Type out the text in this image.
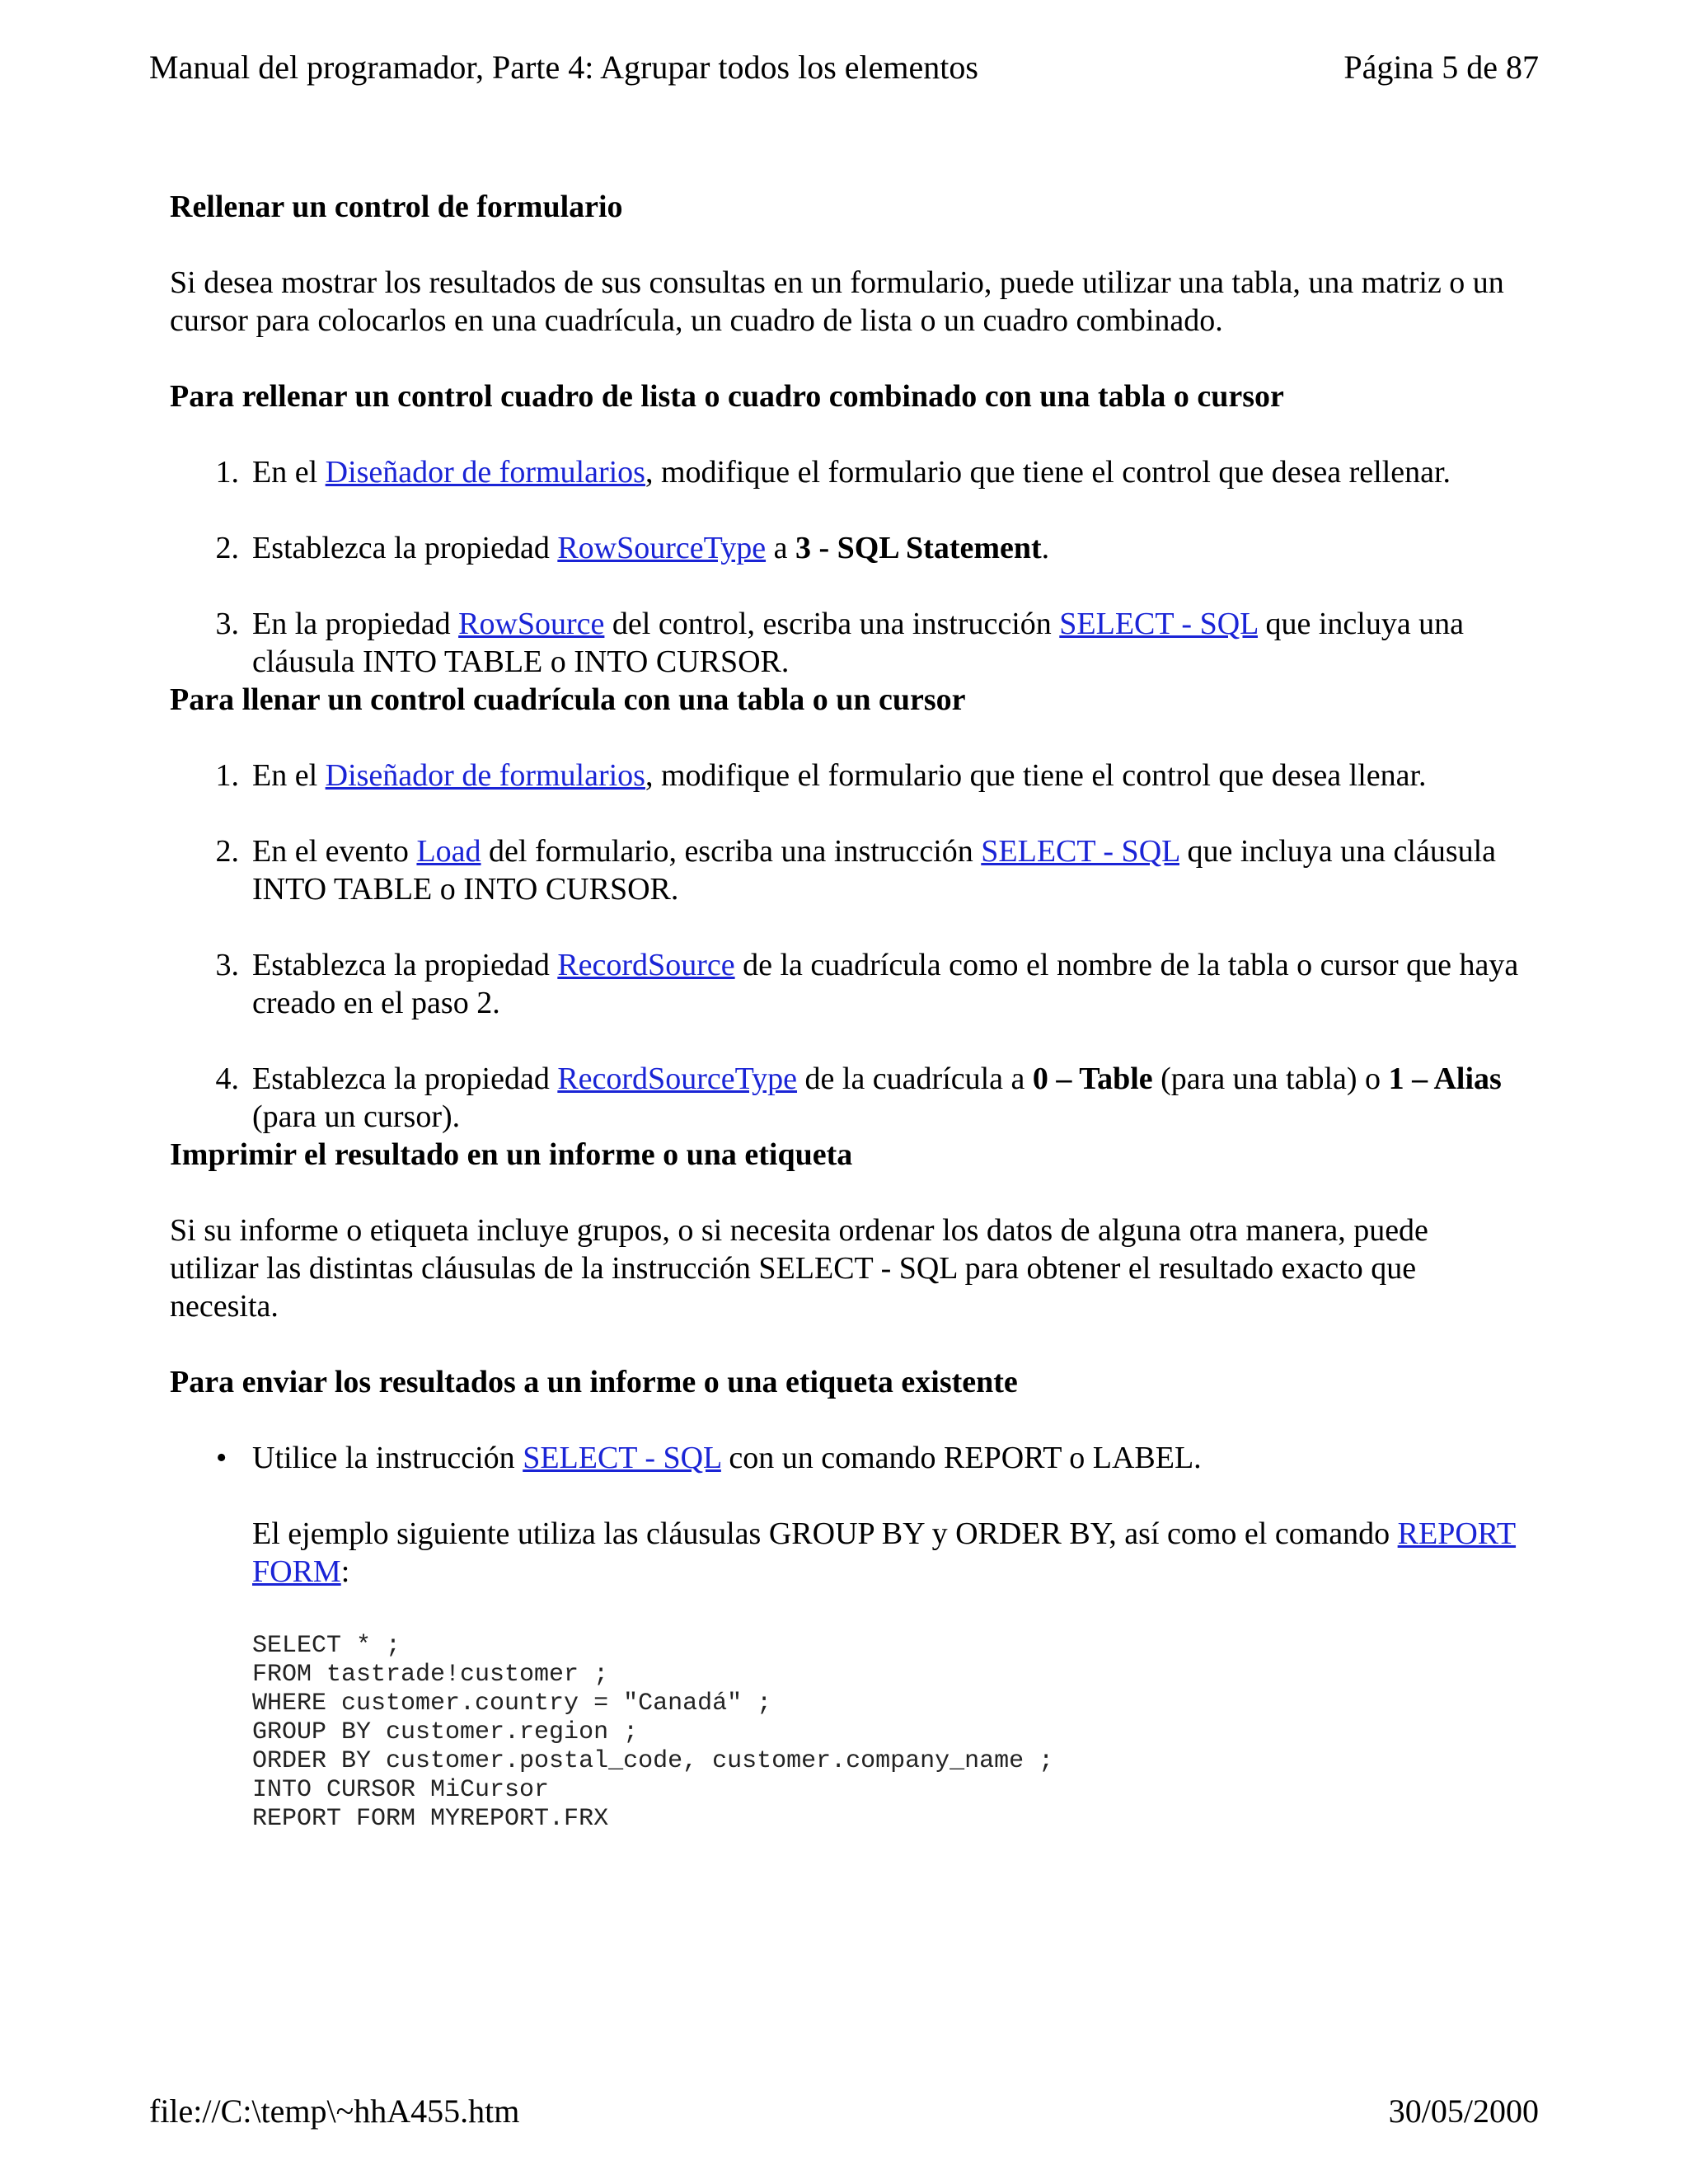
Manual del programador, Parte 4: Agrupar todos los elementos	Página 5 de 87
Rellenar un control de formulario
Si desea mostrar los resultados de sus consultas en un formulario, puede utilizar una tabla, una matriz o un cursor para colocarlos en una cuadrícula, un cuadro de lista o un cuadro combinado.
Para rellenar un control cuadro de lista o cuadro combinado con una tabla o cursor
1. En el Diseñador de formularios, modifique el formulario que tiene el control que desea rellenar.
2. Establezca la propiedad RowSourceType a 3 - SQL Statement.
3. En la propiedad RowSource del control, escriba una instrucción SELECT - SQL que incluya una cláusula INTO TABLE o INTO CURSOR.
Para llenar un control cuadrícula con una tabla o un cursor
1. En el Diseñador de formularios, modifique el formulario que tiene el control que desea llenar.
2. En el evento Load del formulario, escriba una instrucción SELECT - SQL que incluya una cláusula INTO TABLE o INTO CURSOR.
3. Establezca la propiedad RecordSource de la cuadrícula como el nombre de la tabla o cursor que haya creado en el paso 2.
4. Establezca la propiedad RecordSourceType de la cuadrícula a 0 – Table (para una tabla) o 1 – Alias (para un cursor).
Imprimir el resultado en un informe o una etiqueta
Si su informe o etiqueta incluye grupos, o si necesita ordenar los datos de alguna otra manera, puede utilizar las distintas cláusulas de la instrucción SELECT - SQL para obtener el resultado exacto que necesita.
Para enviar los resultados a un informe o una etiqueta existente
• Utilice la instrucción SELECT - SQL con un comando REPORT o LABEL.
El ejemplo siguiente utiliza las cláusulas GROUP BY y ORDER BY, así como el comando REPORT FORM:
SELECT * ;
FROM tastrade!customer ;
WHERE customer.country = "Canadá" ;
GROUP BY customer.region ;
ORDER BY customer.postal_code, customer.company_name ;
INTO CURSOR MiCursor
REPORT FORM MYREPORT.FRX
file://C:\temp\~hhA455.htm	30/05/2000
